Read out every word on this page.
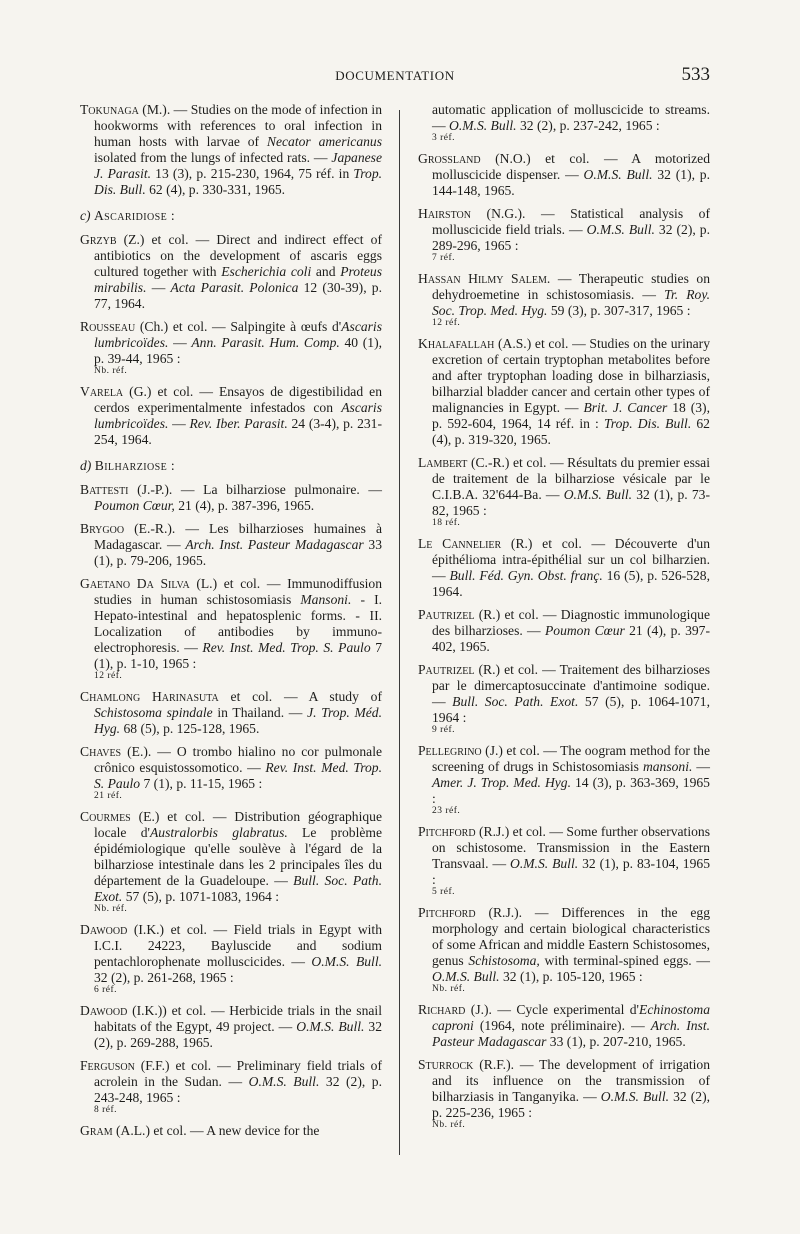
DOCUMENTATION	533

Tokunaga (M.). — Studies on the mode of infection in hookworms with references to oral infection in human hosts with larvae of Necator americanus isolated from the lungs of infected rats. — Japanese J. Parasit. 13 (3), p. 215-230, 1964, 75 réf. in Trop. Dis. Bull. 62 (4), p. 330-331, 1965.

c) Ascaridiose :

Grzyb (Z.) et col. — Direct and indirect effect of antibiotics on the development of ascaris eggs cultured together with Escherichia coli and Proteus mirabilis. — Acta Parasit. Polonica 12 (30-39), p. 77, 1964.

Rousseau (Ch.) et col. — Salpingite à œufs d'Ascaris lumbricoïdes. — Ann. Parasit. Hum. Comp. 40 (1), p. 39-44, 1965 :
Nb. réf.

Varela (G.) et col. — Ensayos de digestibilidad en cerdos experimentalmente infestados con Ascaris lumbricoïdes. — Rev. Iber. Parasit. 24 (3-4), p. 231-254, 1964.

d) Bilharziose :

Battesti (J.-P.). — La bilharziose pulmonaire. — Poumon Cœur, 21 (4), p. 387-396, 1965.

Brygoo (E.-R.). — Les bilharzioses humaines à Madagascar. — Arch. Inst. Pasteur Madagascar 33 (1), p. 79-206, 1965.

Gaetano Da Silva (L.) et col. — Immunodiffusion studies in human schistosomiasis Mansoni. - I. Hepato-intestinal and hepatosplenic forms. - II. Localization of antibodies by immuno-electrophoresis. — Rev. Inst. Med. Trop. S. Paulo 7 (1), p. 1-10, 1965 :
12 réf.

Chamlong Harinasuta et col. — A study of Schistosoma spindale in Thailand. — J. Trop. Méd. Hyg. 68 (5), p. 125-128, 1965.

Chaves (E.). — O trombo hialino no cor pulmonale crônico esquistossomotico. — Rev. Inst. Med. Trop. S. Paulo 7 (1), p. 11-15, 1965 :
21 réf.

Courmes (E.) et col. — Distribution géographique locale d'Australorbis glabratus. Le problème épidémiologique qu'elle soulève à l'égard de la bilharziose intestinale dans les 2 principales îles du département de la Guadeloupe. — Bull. Soc. Path. Exot. 57 (5), p. 1071-1083, 1964 :
Nb. réf.

Dawood (I.K.) et col. — Field trials in Egypt with I.C.I. 24223, Bayluscide and sodium pentachlorophenate molluscicides. — O.M.S. Bull. 32 (2), p. 261-268, 1965 :
6 réf.

Dawood (I.K.)) et col. — Herbicide trials in the snail habitats of the Egypt, 49 project. — O.M.S. Bull. 32 (2), p. 269-288, 1965.

Ferguson (F.F.) et col. — Preliminary field trials of acrolein in the Sudan. — O.M.S. Bull. 32 (2), p. 243-248, 1965 :
8 réf.

Gram (A.L.) et col. — A new device for the

automatic application of molluscicide to streams. — O.M.S. Bull. 32 (2), p. 237-242, 1965 :
3 réf.

Grossland (N.O.) et col. — A motorized molluscicide dispenser. — O.M.S. Bull. 32 (1), p. 144-148, 1965.

Hairston (N.G.). — Statistical analysis of molluscicide field trials. — O.M.S. Bull. 32 (2), p. 289-296, 1965 :
7 réf.

Hassan Hilmy Salem. — Therapeutic studies on dehydroemetine in schistosomiasis. — Tr. Roy. Soc. Trop. Med. Hyg. 59 (3), p. 307-317, 1965 :
12 réf.

Khalafallah (A.S.) et col. — Studies on the urinary excretion of certain tryptophan metabolites before and after tryptophan loading dose in bilharziasis, bilharzial bladder cancer and certain other types of malignancies in Egypt. — Brit. J. Cancer 18 (3), p. 592-604, 1964, 14 réf. in : Trop. Dis. Bull. 62 (4), p. 319-320, 1965.

Lambert (C.-R.) et col. — Résultats du premier essai de traitement de la bilharziose vésicale par le C.I.B.A. 32'644-Ba. — O.M.S. Bull. 32 (1), p. 73-82, 1965 :
18 réf.

Le Cannelier (R.) et col. — Découverte d'un épithélioma intra-épithélial sur un col bilharzien. — Bull. Féd. Gyn. Obst. franç. 16 (5), p. 526-528, 1964.

Pautrizel (R.) et col. — Diagnostic immunologique des bilharzioses. — Poumon Cœur 21 (4), p. 397-402, 1965.

Pautrizel (R.) et col. — Traitement des bilharzioses par le dimercaptosuccinate d'antimoine sodique. — Bull. Soc. Path. Exot. 57 (5), p. 1064-1071, 1964 :
9 réf.

Pellegrino (J.) et col. — The oogram method for the screening of drugs in Schistosomiasis mansoni. — Amer. J. Trop. Med. Hyg. 14 (3), p. 363-369, 1965 :
23 réf.

Pitchford (R.J.) et col. — Some further observations on schistosome. Transmission in the Eastern Transvaal. — O.M.S. Bull. 32 (1), p. 83-104, 1965 :
5 réf.

Pitchford (R.J.). — Differences in the egg morphology and certain biological characteristics of some African and middle Eastern Schistosomes, genus Schistosoma, with terminal-spined eggs. — O.M.S. Bull. 32 (1), p. 105-120, 1965 :
Nb. réf.

Richard (J.). — Cycle experimental d'Echinostoma caproni (1964, note préliminaire). — Arch. Inst. Pasteur Madagascar 33 (1), p. 207-210, 1965.

Sturrock (R.F.). — The development of irrigation and its influence on the transmission of bilharziasis in Tanganyika. — O.M.S. Bull. 32 (2), p. 225-236, 1965 :
Nb. réf.
